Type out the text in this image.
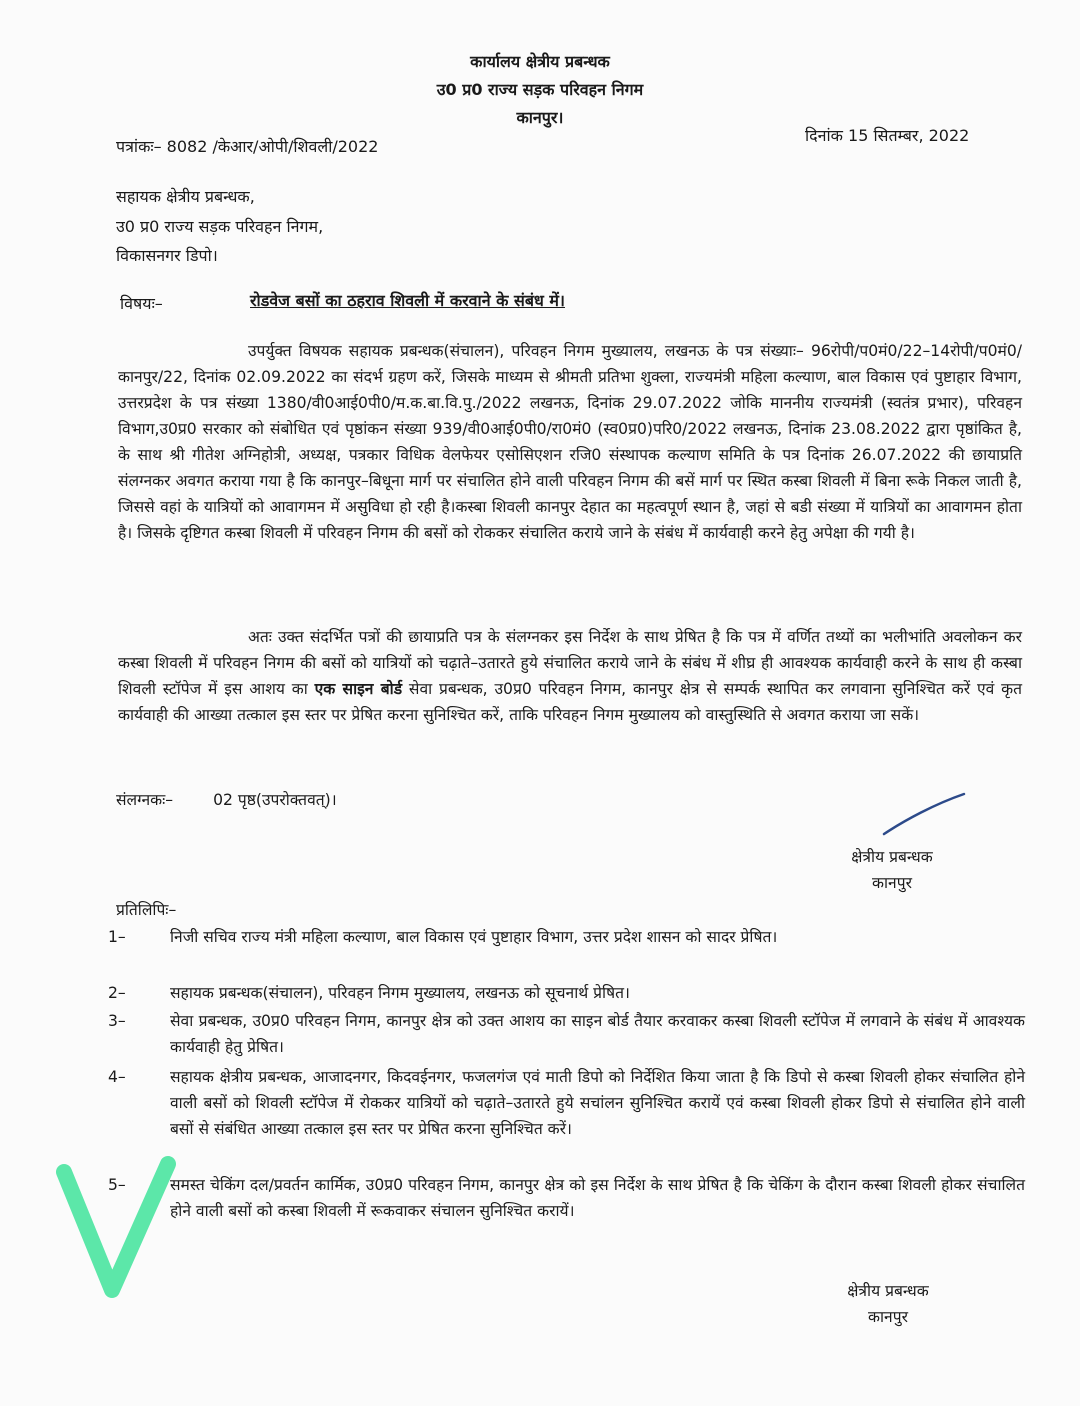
कार्यालय क्षेत्रीय प्रबन्धक
उ0 प्र0 राज्य सड़क परिवहन निगम
कानपुर।
पत्रांकः– 8082 /केआर/ओपी/शिवली/2022
दिनांक 15 सितम्बर, 2022
सहायक क्षेत्रीय प्रबन्धक,
उ0 प्र0 राज्य सड़क परिवहन निगम,
विकासनगर डिपो।
विषयः–	रोडवेज बसों का ठहराव शिवली में करवाने के संबंध में।

उपर्युक्त विषयक सहायक प्रबन्धक(संचालन), परिवहन निगम मुख्यालय, लखनऊ के पत्र संख्याः– 96रोपी/प0मं0/22–14रोपी/प0मं0/कानपुर/22, दिनांक 02.09.2022 का संदर्भ ग्रहण करें, जिसके माध्यम से श्रीमती प्रतिभा शुक्ला, राज्यमंत्री महिला कल्याण, बाल विकास एवं पुष्टाहार विभाग, उत्तरप्रदेश के पत्र संख्या 1380/वी0आई0पी0/म.क.बा.वि.पु./2022 लखनऊ, दिनांक 29.07.2022 जोकि माननीय राज्यमंत्री (स्वतंत्र प्रभार), परिवहन विभाग,उ0प्र0 सरकार को संबोधित एवं पृष्ठांकन संख्या 939/वी0आई0पी0/रा0मं0 (स्व0प्र0)परि0/2022 लखनऊ, दिनांक 23.08.2022 द्वारा पृष्ठांकित है, के साथ श्री गीतेश अग्निहोत्री, अध्यक्ष, पत्रकार विधिक वेलफेयर एसोसिएशन रजि0 संस्थापक कल्याण समिति के पत्र दिनांक 26.07.2022 की छायाप्रति संलग्नकर अवगत कराया गया है कि कानपुर–बिधूना मार्ग पर संचालित होने वाली परिवहन निगम की बसें मार्ग पर स्थित कस्बा शिवली में बिना रूके निकल जाती है, जिससे वहां के यात्रियों को आवागमन में असुविधा हो रही है।कस्बा शिवली कानपुर देहात का महत्वपूर्ण स्थान है, जहां से बडी संख्या में यात्रियों का आवागमन होता है। जिसके दृष्टिगत कस्बा शिवली में परिवहन निगम की बसों को रोककर संचालित कराये जाने के संबंध में कार्यवाही करने हेतु अपेक्षा की गयी है।

अतः उक्त संदर्भित पत्रों की छायाप्रति पत्र के संलग्नकर इस निर्देश के साथ प्रेषित है कि पत्र में वर्णित तथ्यों का भलीभांति अवलोकन कर कस्बा शिवली में परिवहन निगम की बसों को यात्रियों को चढ़ाते–उतारते हुये संचालित कराये जाने के संबंध में शीघ्र ही आवश्यक कार्यवाही करने के साथ ही कस्बा शिवली स्टॉपेज में इस आशय का एक साइन बोर्ड सेवा प्रबन्धक, उ0प्र0 परिवहन निगम, कानपुर क्षेत्र से सम्पर्क स्थापित कर लगवाना सुनिश्चित करें एवं कृत कार्यवाही की आख्या तत्काल इस स्तर पर प्रेषित करना सुनिश्चित करें, ताकि परिवहन निगम मुख्यालय को वास्तुस्थिति से अवगत कराया जा सकें।

संलग्नकः–	02 पृष्ठ(उपरोक्तवत्)।
क्षेत्रीय प्रबन्धक
कानपुर
प्रतिलिपिः–
1–	निजी सचिव राज्य मंत्री महिला कल्याण, बाल विकास एवं पुष्टाहार विभाग, उत्तर प्रदेश शासन को सादर प्रेषित।
2–	सहायक प्रबन्धक(संचालन), परिवहन निगम मुख्यालय, लखनऊ को सूचनार्थ प्रेषित।
3–	सेवा प्रबन्धक, उ0प्र0 परिवहन निगम, कानपुर क्षेत्र को उक्त आशय का साइन बोर्ड तैयार करवाकर कस्बा शिवली स्टॉपेज में लगवाने के संबंध में आवश्यक कार्यवाही हेतु प्रेषित।
4–	सहायक क्षेत्रीय प्रबन्धक, आजादनगर, किदवईनगर, फजलगंज एवं माती डिपो को निर्देशित किया जाता है कि डिपो से कस्बा शिवली होकर संचालित होने वाली बसों को शिवली स्टॉपेज में रोककर यात्रियों को चढ़ाते–उतारते हुये सचांलन सुनिश्चित करायें एवं कस्बा शिवली होकर डिपो से संचालित होने वाली बसों से संबंधित आख्या तत्काल इस स्तर पर प्रेषित करना सुनिश्चित करें।
5–	समस्त चेकिंग दल/प्रवर्तन कार्मिक, उ0प्र0 परिवहन निगम, कानपुर क्षेत्र को इस निर्देश के साथ प्रेषित है कि चेकिंग के दौरान कस्बा शिवली होकर संचालित होने वाली बसों को कस्बा शिवली में रूकवाकर संचालन सुनिश्चित करायें।
क्षेत्रीय प्रबन्धक
कानपुर
